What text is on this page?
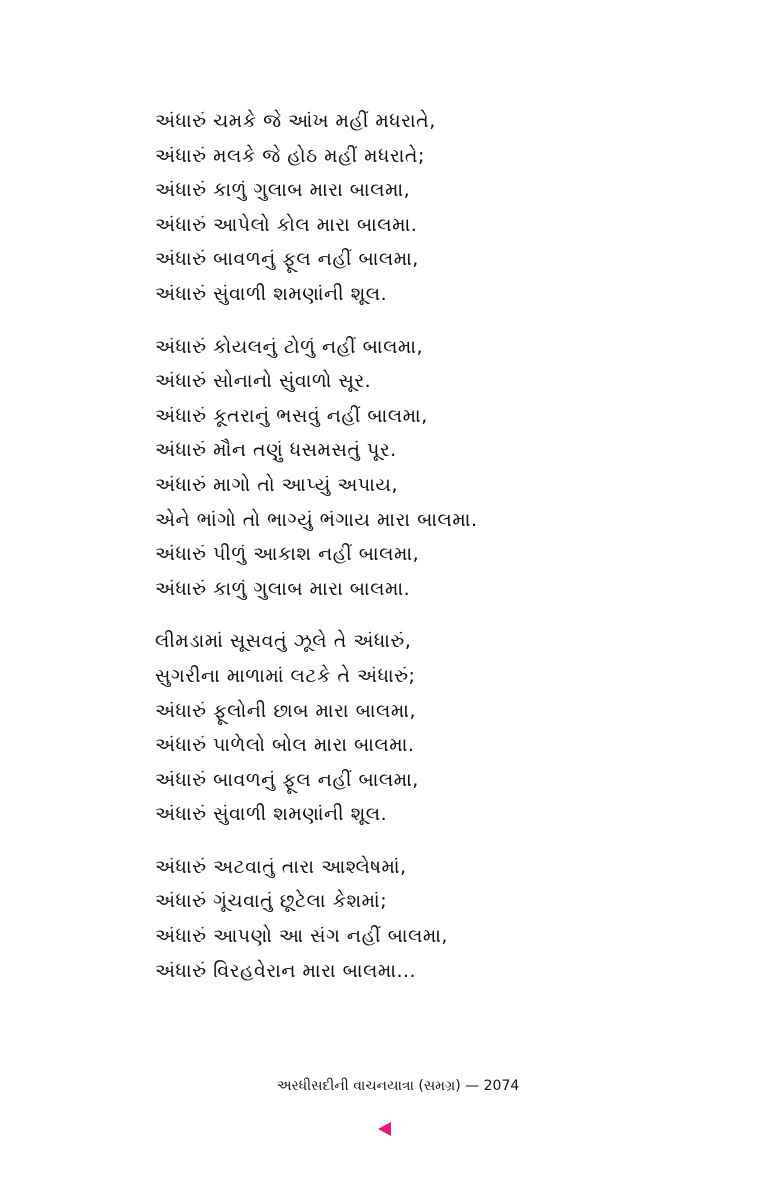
અંધારું ચમકે જે આંખ મહીં મધરાતે,
અંધારું મલકે જે હોઠ મહીં મધરાતે;
અંધારું કાળું ગુલાબ મારા બાલમા,
અંધારું આપેલો કોલ મારા બાલમા.
અંધારું બાવળનું ફૂલ નહીં બાલમા,
અંધારું સુંવાળી શમણાંની શૂલ.
અંધારું કોયલનું ટોળું નહીં બાલમા,
અંધારું સોનાનો સુંવાળો સૂર.
અંધારું કૂતરાનું ભસવું નહીં બાલમા,
અંધારું મૌન તણું ધસમસતું પૂર.
અંધારું માગો તો આપ્યું અપાય,
એને ભાંગો તો ભાગ્યું ભંગાય મારા બાલમા.
અંધારું પીળું આકાશ નહીં બાલમા,
અંધારું કાળું ગુલાબ મારા બાલમા.
લીમડામાં સૂસવતું ઝૂલે તે અંધારું,
સુગરીના માળામાં લટકે તે અંધારું;
અંધારું ફૂલોની છાબ મારા બાલમા,
અંધારું પાળેલો બોલ મારા બાલમા.
અંધારું બાવળનું ફૂલ નહીં બાલમા,
અંધારું સુંવાળી શમણાંની શૂલ.
અંધારું અટવાતું તારા આશ્લેષમાં,
અંધારું ગૂંચવાતું છૂટેલા કેશમાં;
અંધારું આપણો આ સંગ નહીં બાલમા,
અંધારું વિરહવેરાન મારા બાલમા...
અરધીસદીની વાચનયાત્રા (સમગ્ર) — 2074
